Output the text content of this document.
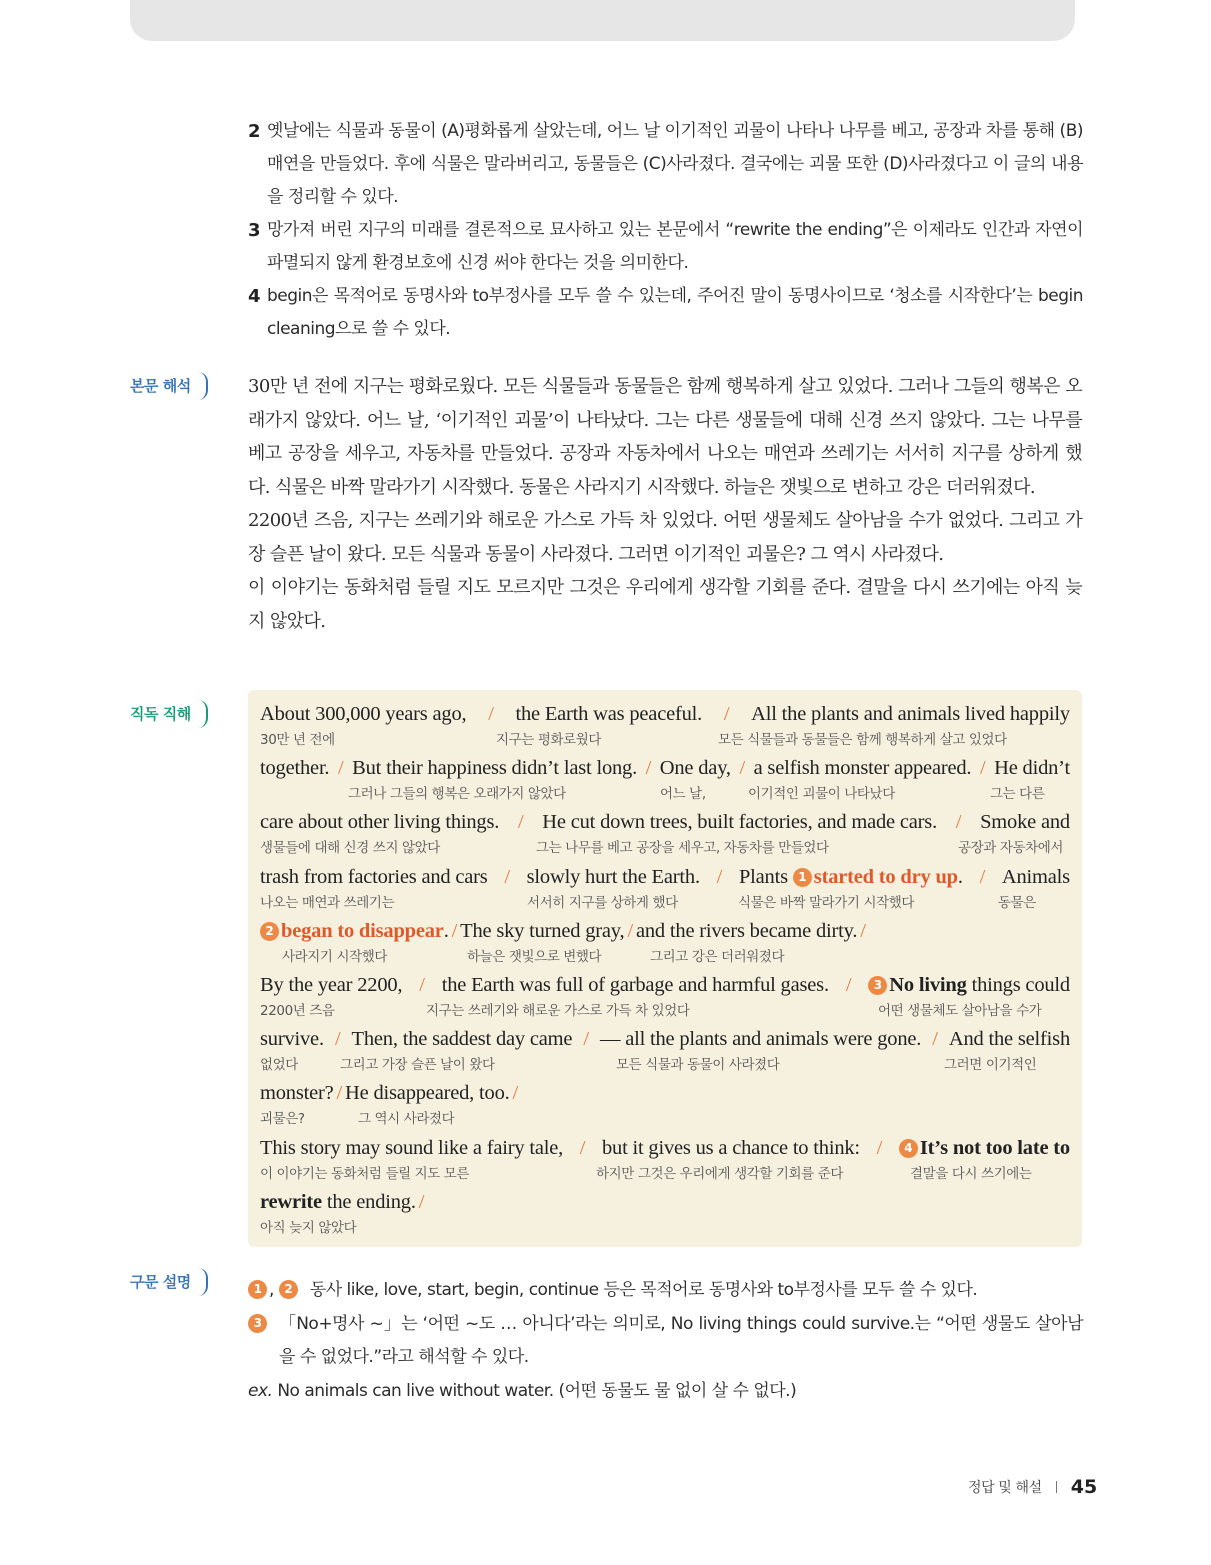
2 옛날에는 식물과 동물이 (A)평화롭게 살았는데, 어느 날 이기적인 괴물이 나타나 나무를 베고, 공장과 차를 통해 (B)매연을 만들었다. 후에 식물은 말라버리고, 동물들은 (C)사라졌다. 결국에는 괴물 또한 (D)사라졌다고 이 글의 내용을 정리할 수 있다.
3 망가져 버린 지구의 미래를 결론적으로 묘사하고 있는 본문에서 “rewrite the ending”은 이제라도 인간과 자연이 파멸되지 않게 환경보호에 신경 써야 한다는 것을 의미한다.
4 begin은 목적어로 동명사와 to부정사를 모두 쓸 수 있는데, 주어진 말이 동명사이므로 ‘청소를 시작한다’는 begin cleaning으로 쓸 수 있다.
본문 해석	30만 년 전에 지구는 평화로웠다. 모든 식물들과 동물들은 함께 행복하게 살고 있었다. 그러나 그들의 행복은 오래가지 않았다. 어느 날, ‘이기적인 괴물’이 나타났다. 그는 다른 생물들에 대해 신경 쓰지 않았다. 그는 나무를 베고 공장을 세우고, 자동차를 만들었다. 공장과 자동차에서 나오는 매연과 쓰레기는 서서히 지구를 상하게 했다. 식물은 바짝 말라가기 시작했다. 동물은 사라지기 시작했다. 하늘은 잿빛으로 변하고 강은 더러워졌다.

2200년 즈음, 지구는 쓰레기와 해로운 가스로 가득 차 있었다. 어떤 생물체도 살아남을 수가 없었다. 그리고 가장 슬픈 날이 왔다. 모든 식물과 동물이 사라졌다. 그러면 이기적인 괴물은? 그 역시 사라졌다.

이 이야기는 동화처럼 들릴 지도 모르지만 그것은 우리에게 생각할 기회를 준다. 결말을 다시 쓰기에는 아직 늦지 않았다.

직독 직해	About 300,000 years ago, / the Earth was peaceful. / All the plants and animals lived happily
30만 년 전에	지구는 평화로웠다	모든 식물들과 동물들은 함께 행복하게 살고 있었다
together. / But their happiness didn’t last long. / One day, / a selfish monster appeared. / He didn’t
그러나 그들의 행복은 오래가지 않았다	어느 날,	이기적인 괴물이 나타났다	그는 다른
care about other living things. / He cut down trees, built factories, and made cars. / Smoke and
생물들에 대해 신경 쓰지 않았다	그는 나무를 베고 공장을 세우고, 자동차를 만들었다	공장과 자동차에서
trash from factories and cars / slowly hurt the Earth. / Plants 1 started to dry up. / Animals
나오는 매연과 쓰레기는	서서히 지구를 상하게 했다	식물은 바짝 말라가기 시작했다	동물은
2 began to disappear. / The sky turned gray, / and the rivers became dirty. /
사라지기 시작했다	하늘은 잿빛으로 변했다	그리고 강은 더러워졌다
By the year 2200, / the Earth was full of garbage and harmful gases. /	3 No living things could
2200년 즈음	지구는 쓰레기와 해로운 가스로 가득 차 있었다	어떤 생물체도 살아남을 수가
survive. / Then, the saddest day came / — all the plants and animals were gone. / And the selfish
없었다	그리고 가장 슬픈 날이 왔다	모든 식물과 동물이 사라졌다	그러면 이기적인
monster? / He disappeared, too. /
괴물은?	그 역시 사라졌다
This story may sound like a fairy tale, / but it gives us a chance to think: /	4 It’s not too late to
이 이야기는 동화처럼 들릴 지도 모른	하지만 그것은 우리에게 생각할 기회를 준다	결말을 다시 쓰기에는
rewrite the ending. /
아직 늦지 않았다
구문 설명	1 , 2	동사 like, love, start, begin, continue 등은 목적어로 동명사와 to부정사를 모두 쓸 수 있다.
3	「No+명사 ~」는 ‘어떤 ~도 … 아니다’라는 의미로, No living things could survive.는 “어떤 생물도 살아남을 수 없었다.”라고 해석할 수 있다.
ex. No animals can live without water. (어떤 동물도 물 없이 살 수 없다.)
정답 및 해설 45
